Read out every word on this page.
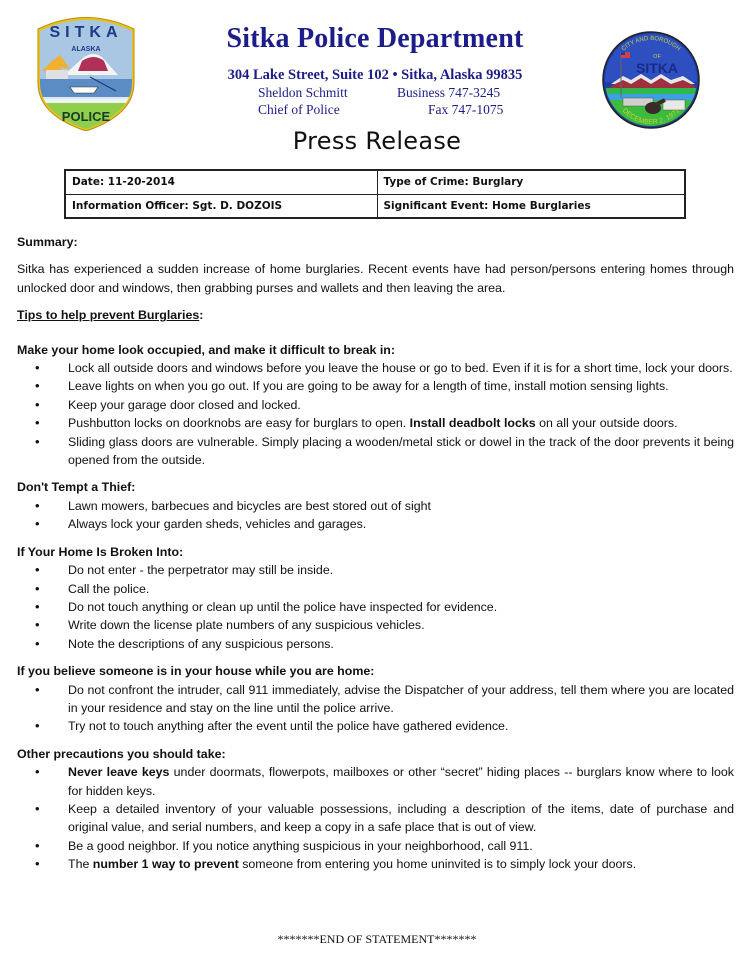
SITKA
ALASKA
POLICE
Sitka Police Department
304 Lake Street, Suite 102 • Sitka, Alaska 99835
Sheldon Schmitt	Business 747-3245
Chief of Police	Fax 747-1075
CITY AND BOROUGH
OF
SITKA
DECEMBER 2, 1971
Press Release
Date: 11-20-2014	Type of Crime: Burglary
Information Officer: Sgt. D. DOZOIS	Significant Event: Home Burglaries
Summary:
Sitka has experienced a sudden increase of home burglaries. Recent events have had person/persons entering homes through unlocked door and windows, then grabbing purses and wallets and then leaving the area.
Tips to help prevent Burglaries:
Make your home look occupied, and make it difficult to break in:
• Lock all outside doors and windows before you leave the house or go to bed. Even if it is for a short time, lock your doors.
• Leave lights on when you go out. If you are going to be away for a length of time, install motion sensing lights.
• Keep your garage door closed and locked.
• Pushbutton locks on doorknobs are easy for burglars to open. Install deadbolt locks on all your outside doors.
• Sliding glass doors are vulnerable. Simply placing a wooden/metal stick or dowel in the track of the door prevents it being opened from the outside.
Don't Tempt a Thief:
• Lawn mowers, barbecues and bicycles are best stored out of sight
• Always lock your garden sheds, vehicles and garages.
If Your Home Is Broken Into:
• Do not enter - the perpetrator may still be inside.
• Call the police.
• Do not touch anything or clean up until the police have inspected for evidence.
• Write down the license plate numbers of any suspicious vehicles.
• Note the descriptions of any suspicious persons.
If you believe someone is in your house while you are home:
• Do not confront the intruder, call 911 immediately, advise the Dispatcher of your address, tell them where you are located in your residence and stay on the line until the police arrive.
• Try not to touch anything after the event until the police have gathered evidence.
Other precautions you should take:
• Never leave keys under doormats, flowerpots, mailboxes or other “secret” hiding places -- burglars know where to look for hidden keys.
• Keep a detailed inventory of your valuable possessions, including a description of the items, date of purchase and original value, and serial numbers, and keep a copy in a safe place that is out of view.
• Be a good neighbor. If you notice anything suspicious in your neighborhood, call 911.
• The number 1 way to prevent someone from entering you home uninvited is to simply lock your doors.
*******END OF STATEMENT*******
